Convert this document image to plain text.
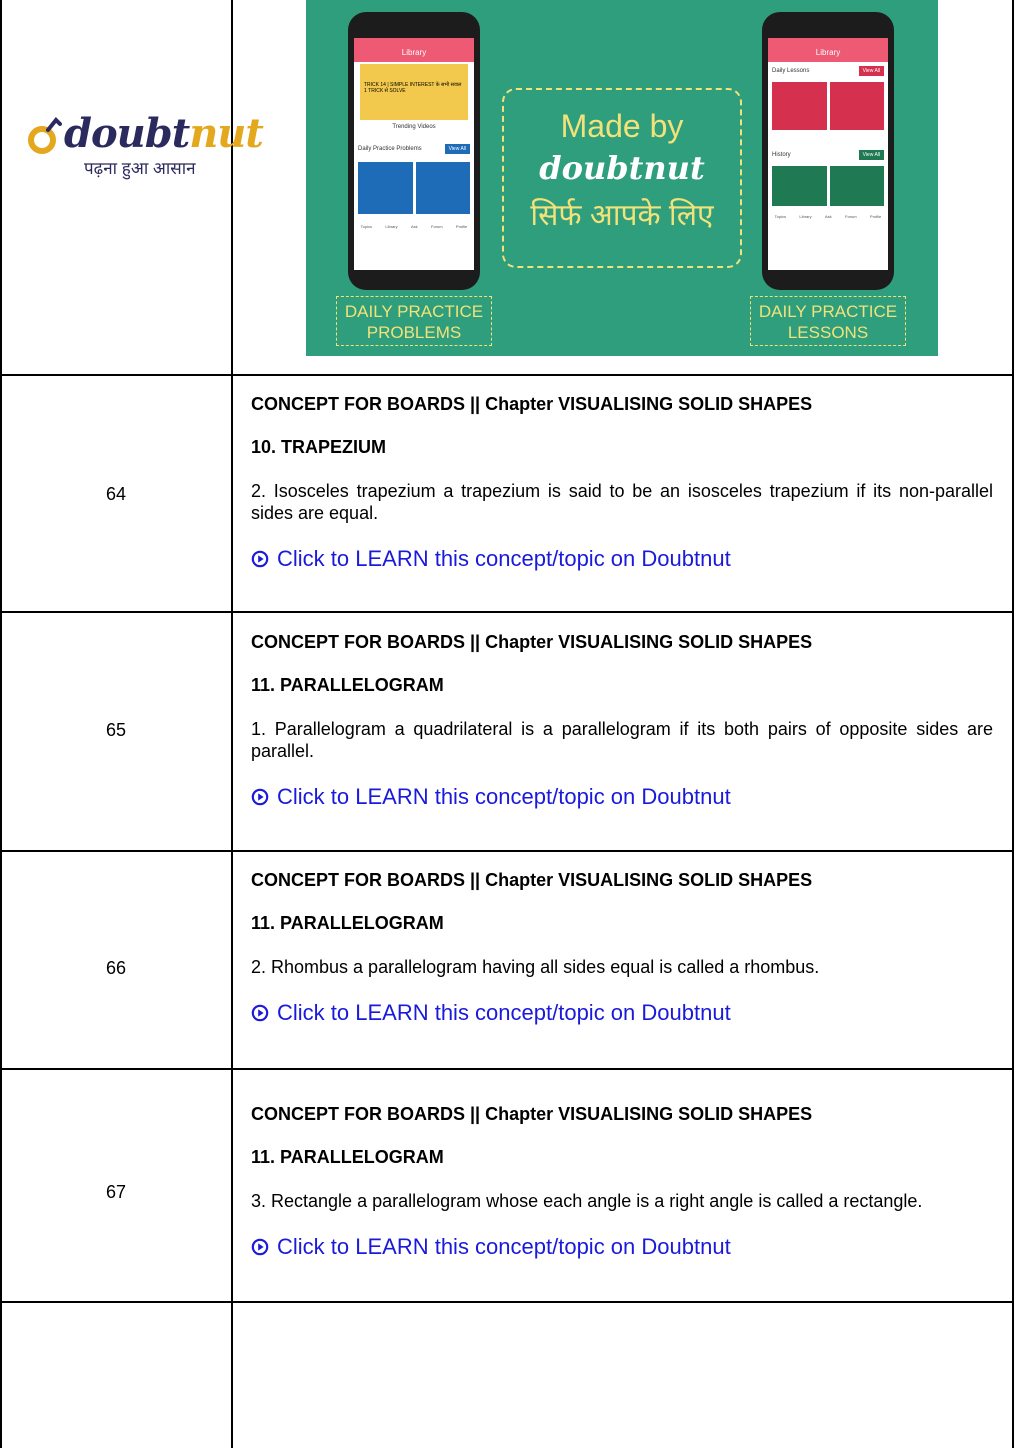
doubtnut
पढ़ना हुआ आसान
Library
TRICK 14 | SIMPLE INTEREST के सभी सवाल 1 TRICK से SOLVE
Trending Videos
Daily Practice Problems	View All
Topics	Library	Ask	Forum	Profile
Made by
doubtnut
सिर्फ आपके लिए
Library
Daily Lessons	View All
History	View All
Topics	Library	Ask	Forum	Profile
DAILY PRACTICE PROBLEMS
DAILY PRACTICE LESSONS
64
CONCEPT FOR BOARDS || Chapter VISUALISING SOLID SHAPES
10. TRAPEZIUM
2. Isosceles trapezium a trapezium is said to be an isosceles trapezium if its non-parallel sides are equal.
Click to LEARN this concept/topic on Doubtnut
65
CONCEPT FOR BOARDS || Chapter VISUALISING SOLID SHAPES
11. PARALLELOGRAM
1. Parallelogram a quadrilateral is a parallelogram if its both pairs of opposite sides are parallel.
Click to LEARN this concept/topic on Doubtnut
66
CONCEPT FOR BOARDS || Chapter VISUALISING SOLID SHAPES
11. PARALLELOGRAM
2. Rhombus a parallelogram having all sides equal is called a rhombus.
Click to LEARN this concept/topic on Doubtnut
67
CONCEPT FOR BOARDS || Chapter VISUALISING SOLID SHAPES
11. PARALLELOGRAM
3. Rectangle a parallelogram whose each angle is a right angle is called a rectangle.
Click to LEARN this concept/topic on Doubtnut
